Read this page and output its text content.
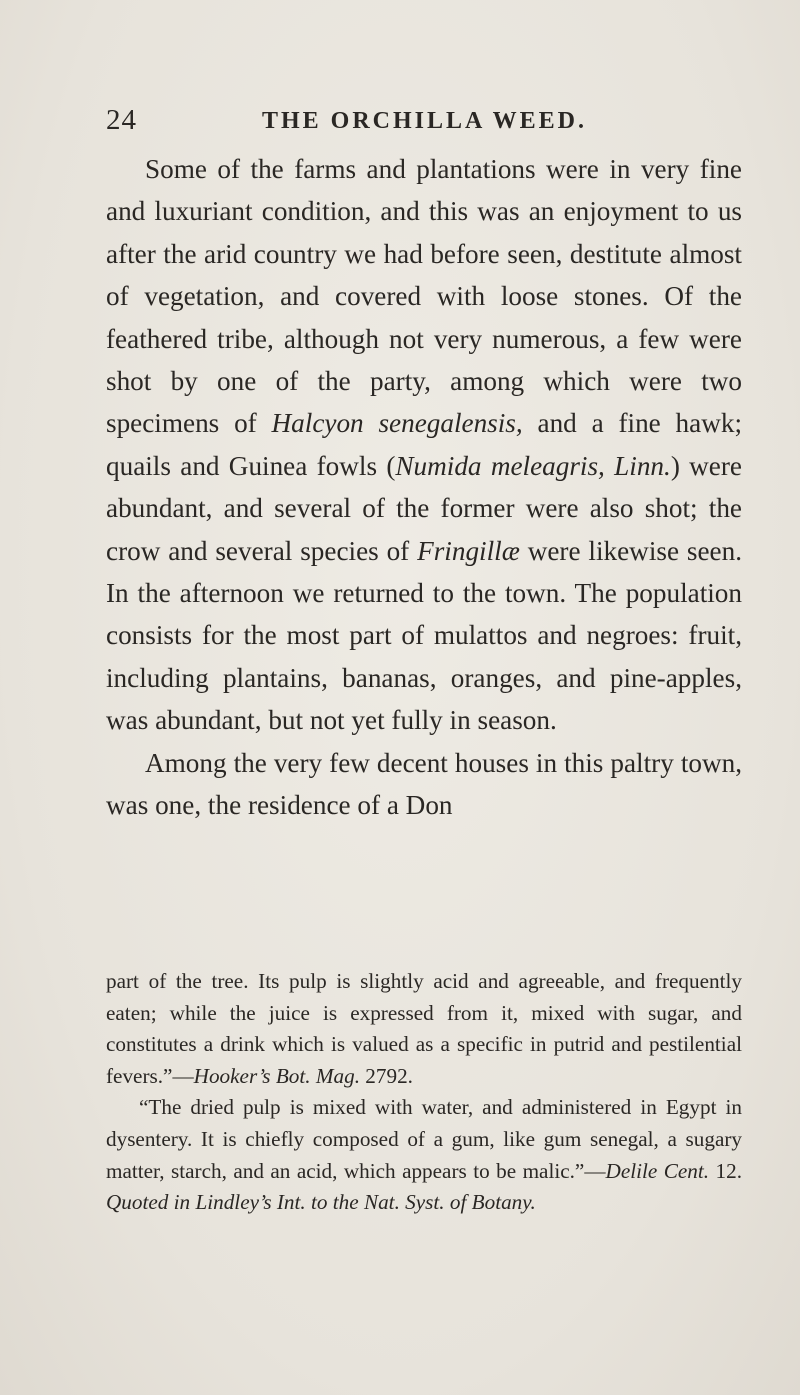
24	THE ORCHILLA WEED.

Some of the farms and plantations were in very fine and luxuriant condition, and this was an enjoyment to us after the arid country we had before seen, destitute almost of vegetation, and covered with loose stones. Of the feathered tribe, although not very numerous, a few were shot by one of the party, among which were two specimens of Halcyon senegalensis, and a fine hawk; quails and Guinea fowls (Numida meleagris, Linn.) were abundant, and several of the former were also shot; the crow and several species of Fringillæ were likewise seen. In the afternoon we returned to the town. The population consists for the most part of mulattos and negroes: fruit, including plantains, bananas, oranges, and pine-apples, was abundant, but not yet fully in season.

Among the very few decent houses in this paltry town, was one, the residence of a Don

part of the tree. Its pulp is slightly acid and agreeable, and frequently eaten; while the juice is expressed from it, mixed with sugar, and constitutes a drink which is valued as a specific in putrid and pestilential fevers.”—Hooker’s Bot. Mag. 2792.

“The dried pulp is mixed with water, and administered in Egypt in dysentery. It is chiefly composed of a gum, like gum senegal, a sugary matter, starch, and an acid, which appears to be malic.”—Delile Cent. 12. Quoted in Lindley’s Int. to the Nat. Syst. of Botany.
